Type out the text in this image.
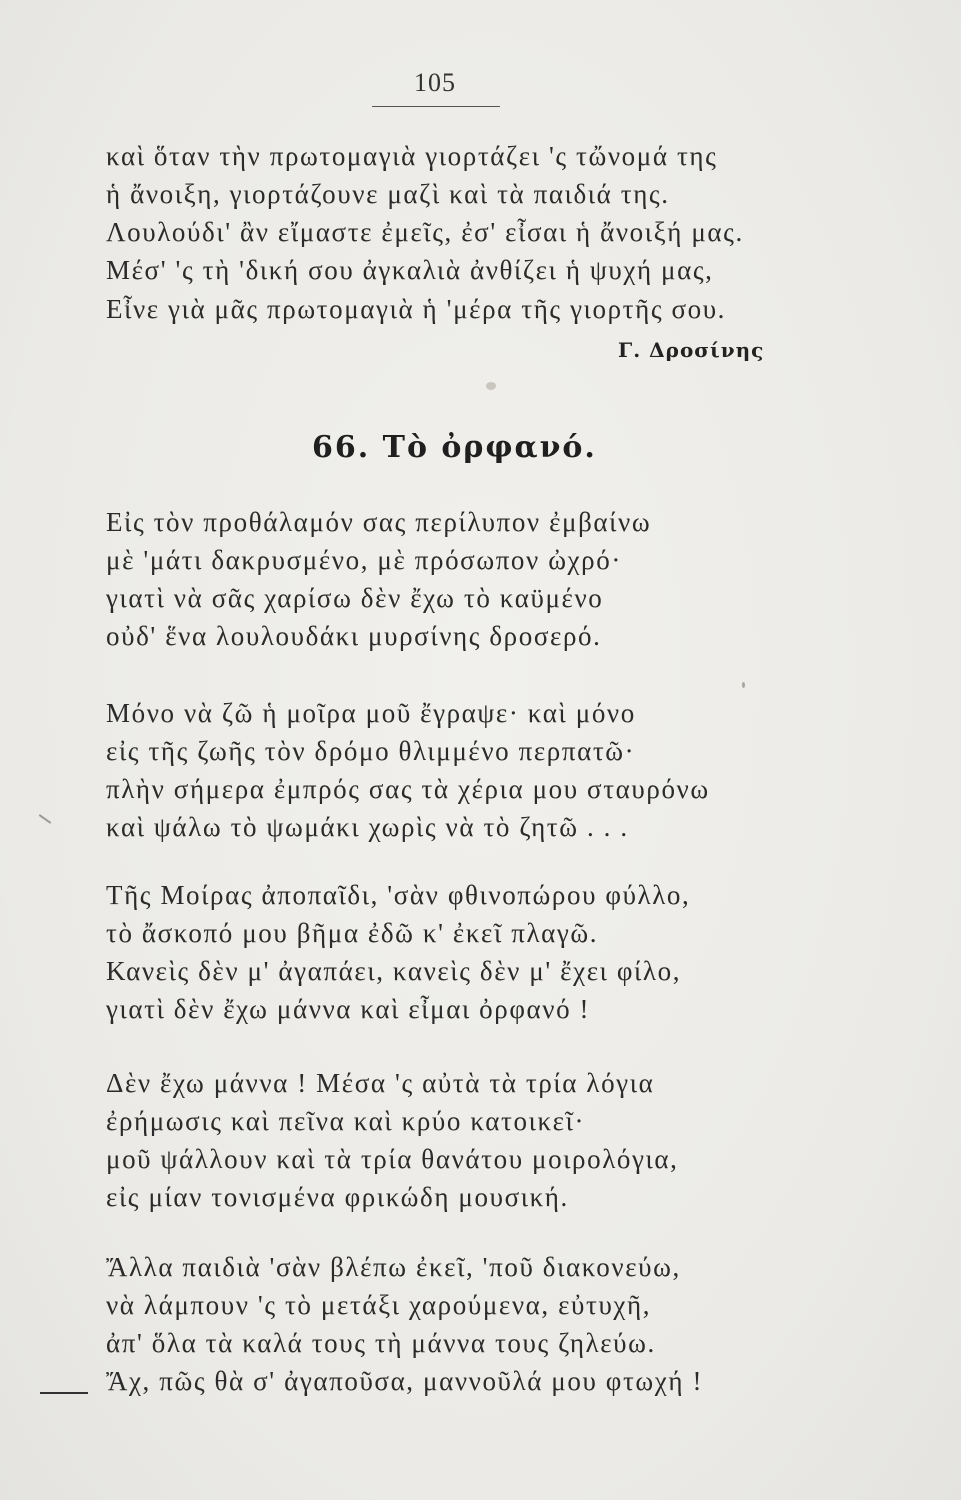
105
καὶ ὅταν τὴν πρωτομαγιὰ γιορτάζει 'ς τὤνομά της
ἡ ἄνοιξη, γιορτάζουνε μαζὶ καὶ τὰ παιδιά της.
Λουλούδι' ἂν εἴμαστε ἐμεῖς, ἐσ' εἶσαι ἡ ἄνοιξή μας.
Μέσ' 'ς τὴ 'δική σου ἀγκαλιὰ ἀνθίζει ἡ ψυχή μας,
Εἶνε γιὰ μᾶς πρωτομαγιὰ ἡ 'μέρα τῆς γιορτῆς σου.
Γ. Δροσίνης
66. Τὸ ὀρφανό.
Εἰς τὸν προθάλαμόν σας περίλυπον ἐμβαίνω
μὲ 'μάτι δακρυσμένο, μὲ πρόσωπον ὠχρό·
γιατὶ νὰ σᾶς χαρίσω δὲν ἔχω τὸ καϋμένο
οὐδ' ἕνα λουλουδάκι μυρσίνης δροσερό.
Μόνο νὰ ζῶ ἡ μοῖρα μοῦ ἔγραψε· καὶ μόνο
εἰς τῆς ζωῆς τὸν δρόμο θλιμμένο περπατῶ·
πλὴν σήμερα ἐμπρός σας τὰ χέρια μου σταυρόνω
καὶ ψάλω τὸ ψωμάκι χωρὶς νὰ τὸ ζητῶ . . .
Τῆς Μοίρας ἀποπαῖδι, 'σὰν φθινοπώρου φύλλο,
τὸ ἄσκοπό μου βῆμα ἐδῶ κ' ἐκεῖ πλαγῶ.
Κανεὶς δὲν μ' ἀγαπάει, κανεὶς δὲν μ' ἔχει φίλο,
γιατὶ δὲν ἔχω μάννα καὶ εἶμαι ὀρφανό !
Δὲν ἔχω μάννα ! Μέσα 'ς αὐτὰ τὰ τρία λόγια
ἐρήμωσις καὶ πεῖνα καὶ κρύο κατοικεῖ·
μοῦ ψάλλουν καὶ τὰ τρία θανάτου μοιρολόγια,
εἰς μίαν τονισμένα φρικώδη μουσική.
Ἄλλα παιδιὰ 'σὰν βλέπω ἐκεῖ, 'ποῦ διακονεύω,
νὰ λάμπουν 'ς τὸ μετάξι χαρούμενα, εὐτυχῆ,
ἀπ' ὅλα τὰ καλά τους τὴ μάννα τους ζηλεύω.
Ἄχ, πῶς θὰ σ' ἀγαποῦσα, μαννοῦλά μου φτωχή !
